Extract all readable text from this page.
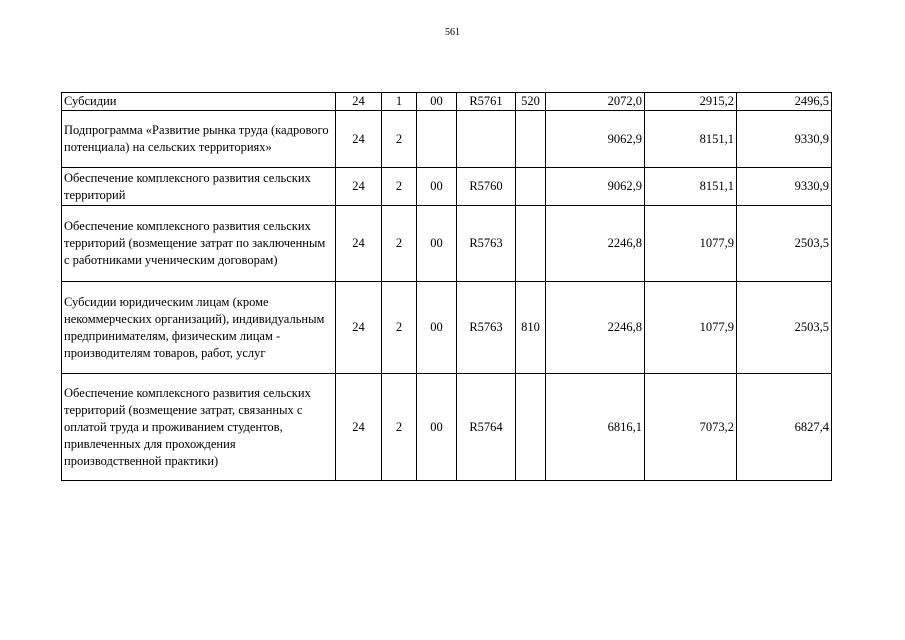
561
Субсидии	24	1	00	R5761	520	2072,0	2915,2	2496,5
Подпрограмма «Развитие рынка труда (кадрового потенциала) на сельских территориях»	24	2				9062,9	8151,1	9330,9
Обеспечение комплексного развития сельских территорий	24	2	00	R5760		9062,9	8151,1	9330,9
Обеспечение комплексного развития сельских территорий (возмещение затрат по заключенным с работниками ученическим договорам)	24	2	00	R5763		2246,8	1077,9	2503,5
Субсидии юридическим лицам (кроме некоммерческих организаций), индивидуальным предпринимателям, физическим лицам - производителям товаров, работ, услуг	24	2	00	R5763	810	2246,8	1077,9	2503,5
Обеспечение комплексного развития сельских территорий (возмещение затрат, связанных с оплатой труда и проживанием студентов, привлеченных для прохождения производственной практики)	24	2	00	R5764		6816,1	7073,2	6827,4
